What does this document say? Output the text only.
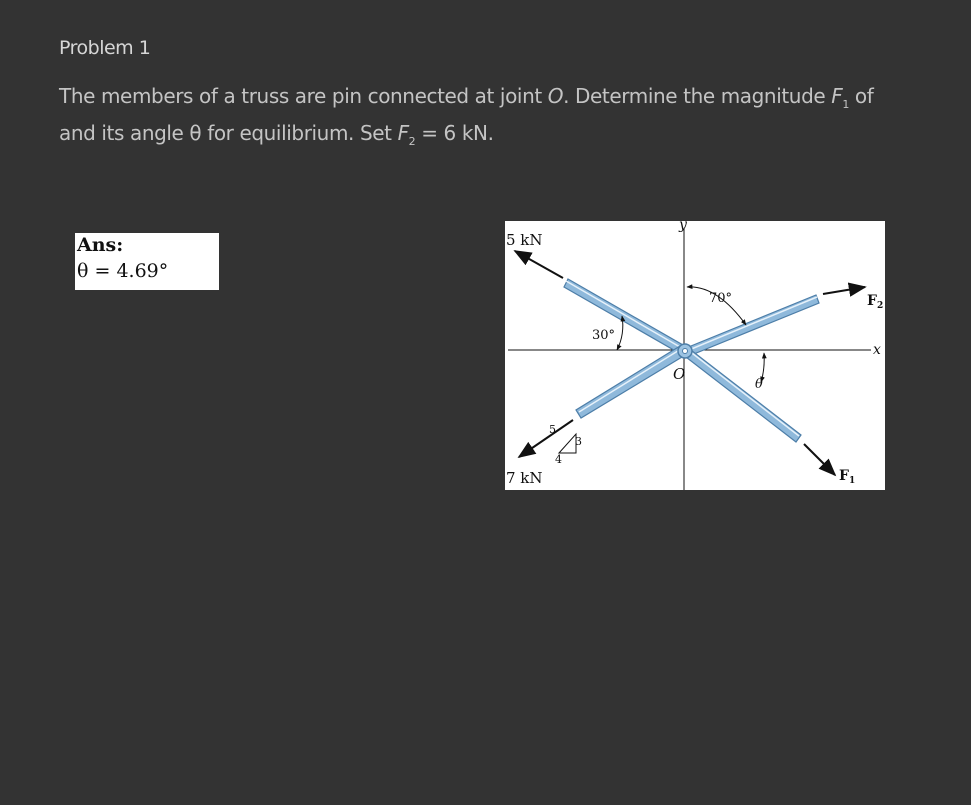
Problem 1
The members of a truss are pin connected at joint O. Determine the magnitude $F_1$ of
and its angle θ for equilibrium. Set $F_2 = 6$ kN.
Ans:
θ = 4.69°
5 kN
7 kN
$F_2$
$F_1$
x
y
O
70°
30°
θ
5
4
3
